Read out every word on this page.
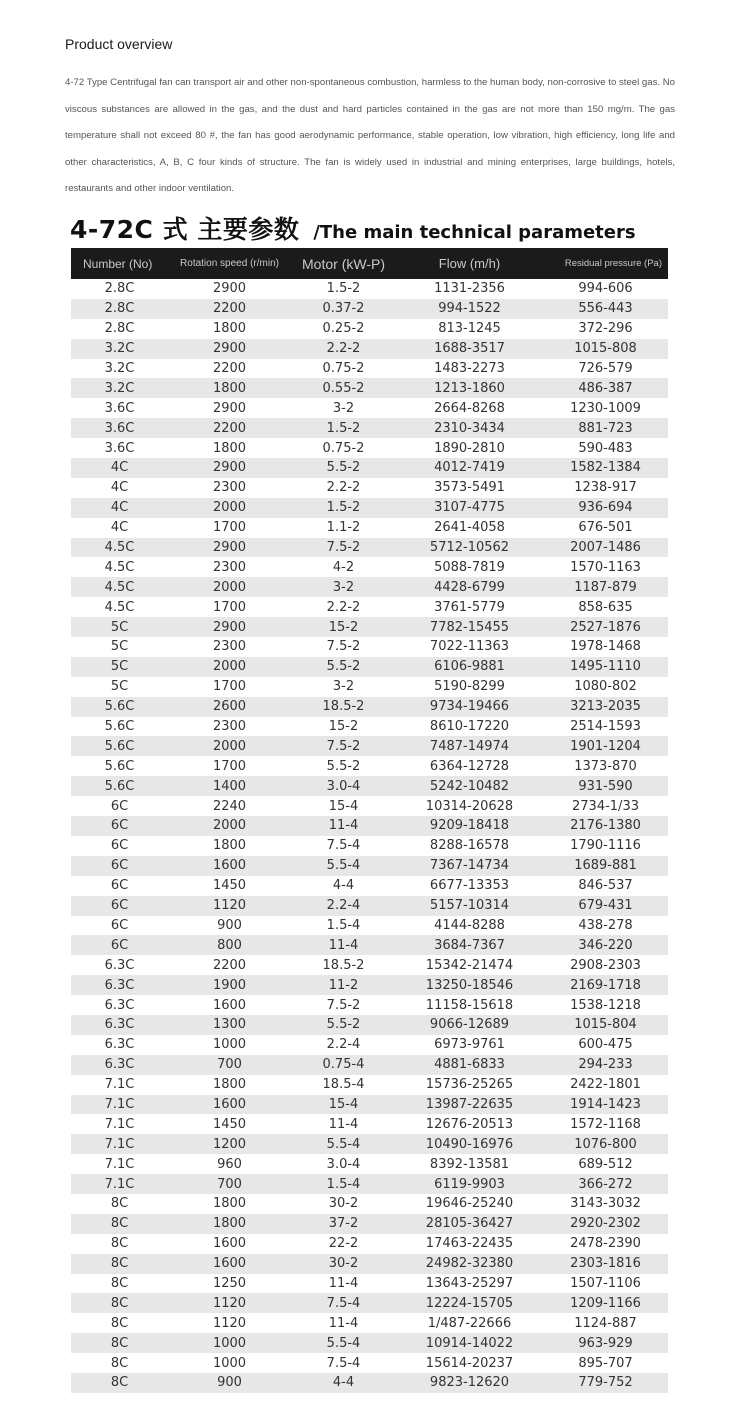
Product overview
4-72 Type Centrifugal fan can transport air and other non-spontaneous combustion, harmless to the human body, non-corrosive to steel gas. No viscous substances are allowed in the gas, and the dust and hard particles contained in the gas are not more than 150 mg/m. The gas temperature shall not exceed 80 #, the fan has good aerodynamic performance, stable operation, low vibration, high efficiency, long life and other characteristics, A, B, C four kinds of structure. The fan is widely used in industrial and mining enterprises, large buildings, hotels, restaurants and other indoor ventilation.
4-72C 式 主要参数 /The main technical parameters
Number (No)	Rotation speed (r/min)	Motor (kW-P)	Flow (m/h)	Residual pressure (Pa)
2.8C	2900	1.5-2	1131-2356	994-606
2.8C	2200	0.37-2	994-1522	556-443
2.8C	1800	0.25-2	813-1245	372-296
3.2C	2900	2.2-2	1688-3517	1015-808
3.2C	2200	0.75-2	1483-2273	726-579
3.2C	1800	0.55-2	1213-1860	486-387
3.6C	2900	3-2	2664-8268	1230-1009
3.6C	2200	1.5-2	2310-3434	881-723
3.6C	1800	0.75-2	1890-2810	590-483
4C	2900	5.5-2	4012-7419	1582-1384
4C	2300	2.2-2	3573-5491	1238-917
4C	2000	1.5-2	3107-4775	936-694
4C	1700	1.1-2	2641-4058	676-501
4.5C	2900	7.5-2	5712-10562	2007-1486
4.5C	2300	4-2	5088-7819	1570-1163
4.5C	2000	3-2	4428-6799	1187-879
4.5C	1700	2.2-2	3761-5779	858-635
5C	2900	15-2	7782-15455	2527-1876
5C	2300	7.5-2	7022-11363	1978-1468
5C	2000	5.5-2	6106-9881	1495-1110
5C	1700	3-2	5190-8299	1080-802
5.6C	2600	18.5-2	9734-19466	3213-2035
5.6C	2300	15-2	8610-17220	2514-1593
5.6C	2000	7.5-2	7487-14974	1901-1204
5.6C	1700	5.5-2	6364-12728	1373-870
5.6C	1400	3.0-4	5242-10482	931-590
6C	2240	15-4	10314-20628	2734-1/33
6C	2000	11-4	9209-18418	2176-1380
6C	1800	7.5-4	8288-16578	1790-1116
6C	1600	5.5-4	7367-14734	1689-881
6C	1450	4-4	6677-13353	846-537
6C	1120	2.2-4	5157-10314	679-431
6C	900	1.5-4	4144-8288	438-278
6C	800	11-4	3684-7367	346-220
6.3C	2200	18.5-2	15342-21474	2908-2303
6.3C	1900	11-2	13250-18546	2169-1718
6.3C	1600	7.5-2	11158-15618	1538-1218
6.3C	1300	5.5-2	9066-12689	1015-804
6.3C	1000	2.2-4	6973-9761	600-475
6.3C	700	0.75-4	4881-6833	294-233
7.1C	1800	18.5-4	15736-25265	2422-1801
7.1C	1600	15-4	13987-22635	1914-1423
7.1C	1450	11-4	12676-20513	1572-1168
7.1C	1200	5.5-4	10490-16976	1076-800
7.1C	960	3.0-4	8392-13581	689-512
7.1C	700	1.5-4	6119-9903	366-272
8C	1800	30-2	19646-25240	3143-3032
8C	1800	37-2	28105-36427	2920-2302
8C	1600	22-2	17463-22435	2478-2390
8C	1600	30-2	24982-32380	2303-1816
8C	1250	11-4	13643-25297	1507-1106
8C	1120	7.5-4	12224-15705	1209-1166
8C	1120	11-4	1/487-22666	1124-887
8C	1000	5.5-4	10914-14022	963-929
8C	1000	7.5-4	15614-20237	895-707
8C	900	4-4	9823-12620	779-752
